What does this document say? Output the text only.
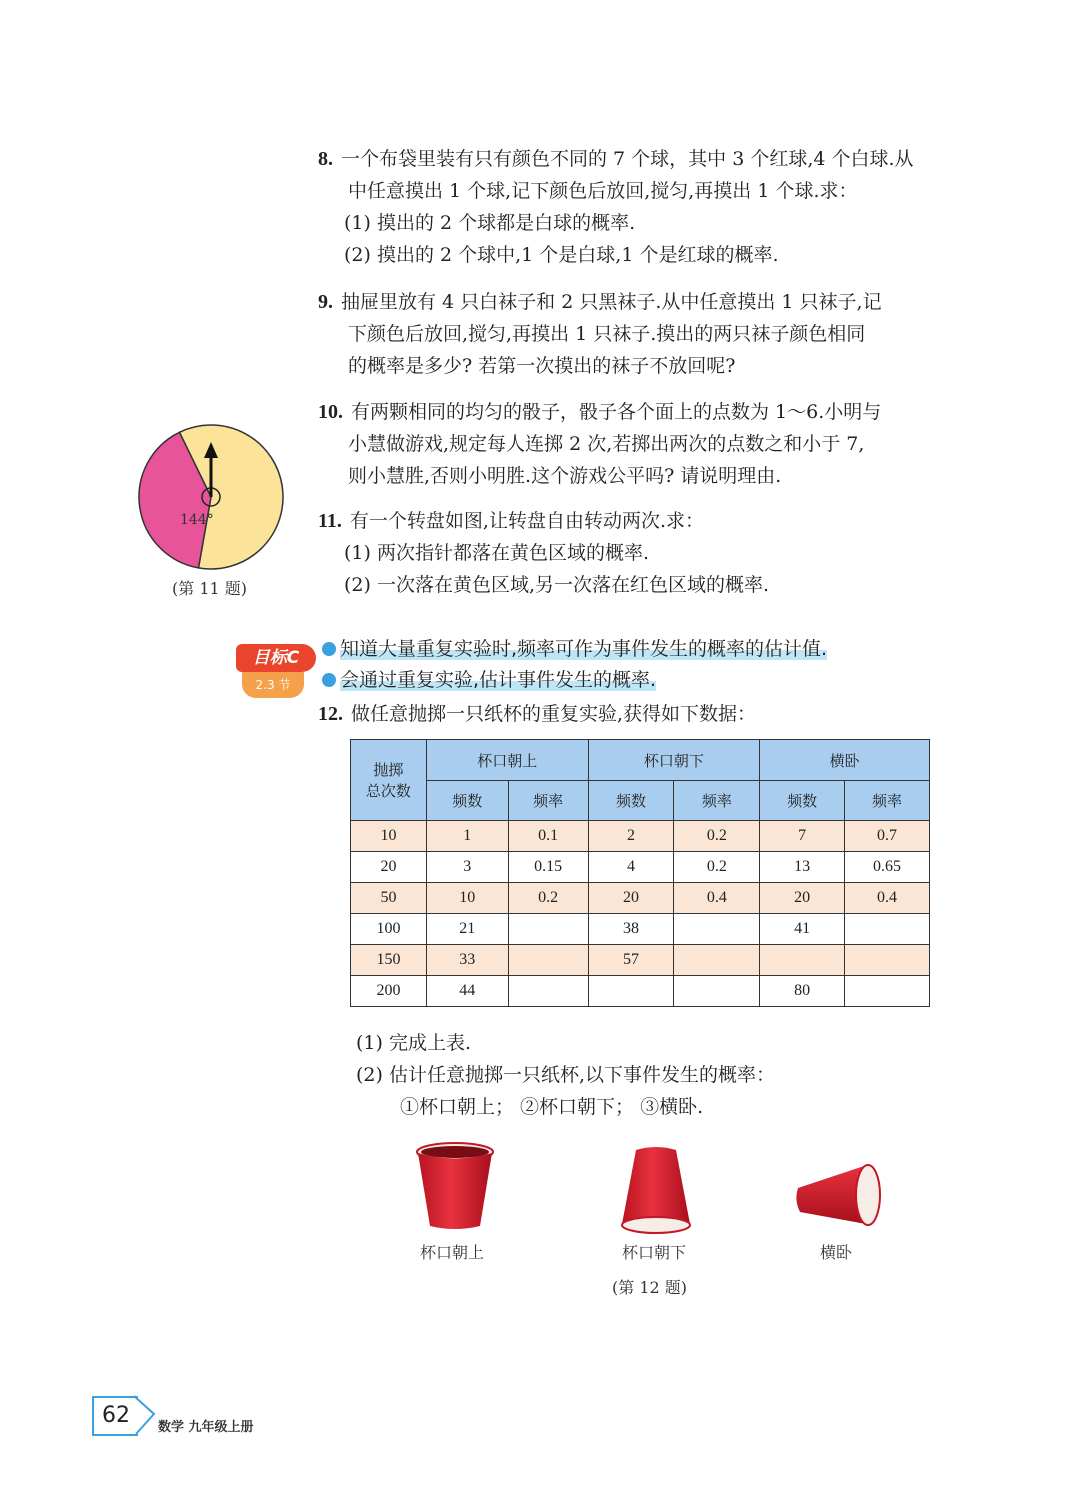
8. 一个布袋里装有只有颜色不同的 7 个球，其中 3 个红球,4 个白球.从
中任意摸出 1 个球,记下颜色后放回,搅匀,再摸出 1 个球.求：
(1) 摸出的 2 个球都是白球的概率.
(2) 摸出的 2 个球中,1 个是白球,1 个是红球的概率.
9. 抽屉里放有 4 只白袜子和 2 只黑袜子.从中任意摸出 1 只袜子,记
下颜色后放回,搅匀,再摸出 1 只袜子.摸出的两只袜子颜色相同
的概率是多少? 若第一次摸出的袜子不放回呢?
10. 有两颗相同的均匀的骰子，骰子各个面上的点数为 1～6.小明与
小慧做游戏,规定每人连掷 2 次,若掷出两次的点数之和小于 7,
则小慧胜,否则小明胜.这个游戏公平吗? 请说明理由.
11. 有一个转盘如图,让转盘自由转动两次.求：
(1) 两次指针都落在黄色区域的概率.
(2) 一次落在黄色区域,另一次落在红色区域的概率.
144°
(第 11 题)
目标C
2.3 节
知道大量重复实验时,频率可作为事件发生的概率的估计值.
会通过重复实验,估计事件发生的概率.
12. 做任意抛掷一只纸杯的重复实验,获得如下数据：
抛掷
总次数	杯口朝上		杯口朝下		横卧	
	频数	频率	频数	频率	频数	频率
10	1	0.1	2	0.2	7	0.7
20	3	0.15	4	0.2	13	0.65
50	10	0.2	20	0.4	20	0.4
100	21		38		41	
150	33		57			
200	44				80	
(1) 完成上表.
(2) 估计任意抛掷一只纸杯,以下事件发生的概率：
①杯口朝上； ②杯口朝下； ③横卧.
杯口朝上	杯口朝下	横卧
(第 12 题)
62	数学 九年级上册
